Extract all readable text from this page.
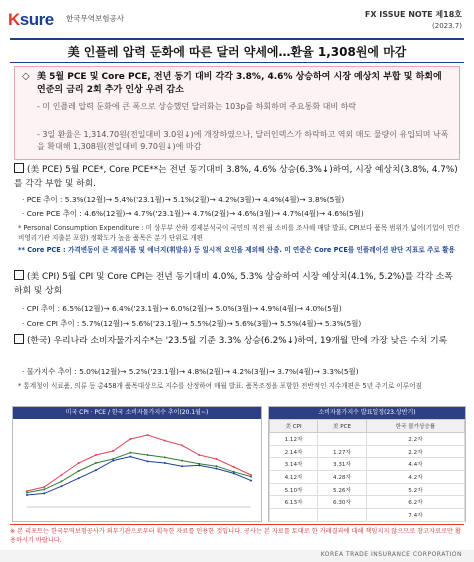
Ksure 한국무역보험공사	FX ISSUE NOTE 제18호
(2023.7)
美 인플레 압력 둔화에 따른 달러 약세에…환율 1,308원에 마감
◇ 美 5월 PCE 및 Core PCE, 전년 동기 대비 각각 3.8%, 4.6% 상승하여 시장 예상치 부합 및 하회에 연준의 금리 2회 추가 인상 우려 감소
- 미 인플레 압력 둔화에 큰 폭으로 상승했던 달러화는 103p를 하회하며 주요통화 대비 하락
- 3일 환율은 1,314.70원(전일대비 3.0원↓)에 개장하였으나, 달러인덱스가 하락하고 역외 매도 물량이 유입되며 낙폭을 확대해 1,308원(전일대비 9.70원↓)에 마감
(美 PCE) 5월 PCE*, Core PCE**는 전년 동기대비 3.8%, 4.6% 상승(6.3%↓)하여, 시장 예상치(3.8%, 4.7%)를 각각 부합 및 하회.
· PCE 추이 : 5.3%(12월)→ 5.4%('23.1월)→ 5.1%(2월)→ 4.2%(3월)→ 4.4%(4월)→ 3.8%(5월)
· Core PCE 추이 : 4.6%(12월)→ 4.7%('23.1월)→ 4.7%(2월)→ 4.6%(3월)→ 4.7%(4월)→ 4.6%(5월)
* Personal Consumption Expenditure : 미 상무부 산하 경제분석국이 국민의 직전 월 소비를 조사해 매달 발표, CPI보다 품목 범위가 넓어(기업이 민간 비영리기관 지출분 포함) 정확도가 높음 품목은 분기 단위로 개편
** Core PCE : 가격변동이 큰 계절식품 및 에너지(휘발유) 등 일시적 요인을 제외해 산출. 미 연준은 Core PCE를 인플레이션 판단 지표로 주로 활용
(美 CPI) 5월 CPI 및 Core CPI는 전년 동기대비 4.0%, 5.3% 상승하여 시장 예상치(4.1%, 5.2%)를 각각 소폭 하회 및 상회
· CPI 추이 : 6.5%(12월)→ 6.4%('23.1월)→ 6.0%(2월)→ 5.0%(3월)→ 4.9%(4월)→ 4.0%(5월)
· Core CPI 추이 : 5.7%(12월)→ 5.6%('23.1월)→ 5.5%(2월)→ 5.6%(3월)→ 5.5%(4월)→ 5.3%(5월)
(한국) 우리나라 소비자물가지수*는 '23.5월 기준 3.3% 상승(6.2%↓)하여, 19개월 만에 가장 낮은 수치 기록
· 물가지수 추이 : 5.0%(12월)→ 5.2%('23.1월)→ 4.8%(2월)→ 4.2%(3월)→ 3.7%(4월)→ 3.3%(5월)
* 통계청이 식료품, 의류 등 총458개 품목대상으로 지수를 산정하여 매월 발표. 품목조정을 포함한 전반적인 지수개편은 5년 주기로 이루어짐
미국 CPI · PCE / 한국 소비자물가지수 추이(20.1월~)	소비자물가지수 발표일정(23.상반기)
美 CPI	美 PCE	한국 물가상승률
1.12자		2.2자
2.14자	1.27자	2.2자
3.14자	3.31자	4.4자
4.12자	4.28자	4.2자
5.10자	5.26자	5.2자
6.13자	6.30자	6.2자
		7.4자
※ 본 리포트는 한국무역보험공사가 외부기관으로부터 획득한 자료를 인용한 것입니다. 공사는 본 자료를 토대로 한 거래결과에 대해 책임지지 않으므로 참고자료로만 활용하시기 바랍니다.
KOREA TRADE INSURANCE CORPORATION
